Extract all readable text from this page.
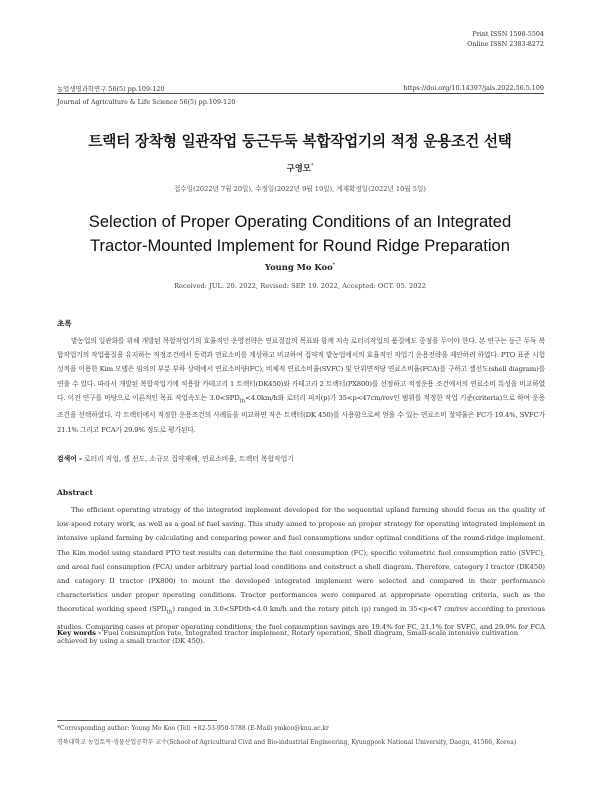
Print ISSN 1598-5504
Online ISSN 2383-8272
농업생명과학연구 56(5) pp.109-120	https://doi.org/10.14397/jals.2022.56.5.109
Journal of Agriculture & Life Science 56(5) pp.109-120
트랙터 장착형 일관작업 둥근두둑 복합작업기의 적정 운용조건 선택
구영모*
접수일(2022년 7월 20일), 수정일(2022년 9월 19일), 게재확정일(2022년 10월 5일)
Selection of Proper Operating Conditions of an Integrated
Tractor-Mounted Implement for Round Ridge Preparation
Young Mo Koo*
Received: JUL. 20. 2022, Revised: SEP. 19. 2022, Accepted: OCT. 05. 2022
초록
밭농업의 일관화를 위해 개발된 복합작업기의 효율적인 운영전략은 연료절감의 목표와 함께 저속 로터리작업의 품질에도 중점을 두어야 한다. 본 연구는 둥근 두둑 복합작업기의 작업품질을 유지하는 적정조건에서 동력과 연료소비를 계상하고 비교하여 집약적 밭농업에서의 효율적인 작업기 운용전략을 제안하려 하였다. PTO 표준 시험성적을 이용한 Kim 모델은 임의의 부분 부하 상태에서 연료소비량(FC), 비체적 연료소비율(SVFC) 및 단위면적당 연료소비율(FCA)를 구하고 셸선도(shell diagram)를 연출 수 있다. 따라서 개발된 복합작업기에 적용할 카테고리 1 트랙터(DK450)와 카테고리 2 트랙터(PX800)를 선정하고 적정운용 조건에서의 연료소비 특성을 비교하였다. 이전 연구를 바탕으로 이론적인 목표 작업속도는 $3.0<SPD_{th}<4.0km/h$와 로터리 피치(p)가 35<p<47cm/rev인 범위를 적정한 작업 기준(criteria)으로 하여 운용조건을 선택하였다. 각 트랙터에서 적정한 운용조건의 사례들을 비교하면 작은 트랙터(DK 450)를 사용함으로써 얻을 수 있는 연료소비 절약율은 FC가 19.4%, SVFC가 21.1% 그리고 FCA가 29.9% 정도로 평가된다.
검색어 - 로터리 작업, 셸 선도, 소규모 집약재배, 연료소비율, 트랙터 복합작업기
Abstract
The efficient operating strategy of the integrated implement developed for the sequential upland farming should focus on the quality of low-speed rotary work, as well as a goal of fuel saving. This study aimed to propose an proper strategy for operating integrated implement in intensive upland farming by calculating and comparing power and fuel consumptions under optimal conditions of the round-ridge implement. The Kim model using standard PTO test results can determine the fuel consumption (FC), specific volumetric fuel consumption ratio (SVFC), and areal fuel consumption (FCA) under arbitrary partial load conditions and construct a shell diagram. Therefore, category I tractor (DK450) and category II tractor (PX800) to mount the developed integrated implement were selected and compared in their performance characteristics under proper operating conditions. Tractor performances were compared at appropriate operating criteria, such as the theoretical working speed $(SPD_{th})$ ranged in 3.0<SPDth<4.0 km/h and the rotary pitch (p) ranged in 35<p<47 cm/rev according to previous studies. Comparing cases at proper operating conditions, the fuel consumption savings are 19.4% for FC, 21.1% for SVFC, and 29.9% for FCA achieved by using a small tractor (DK 450).
Key words - Fuel consumption rate, Integrated tractor implement, Rotary operation, Shell diagram, Small-scale intensive cultivation
*Corresponding author: Young Mo Koo (Tel) +82-53-950-5788 (E-Mail) ymkoo@knu.ac.kr
경북대학교 농업토목·생물산업공학부 교수(School of Agricultural Civil and Bio-industrial Engineering, Kyungpook National University, Daegu, 41566, Korea)
